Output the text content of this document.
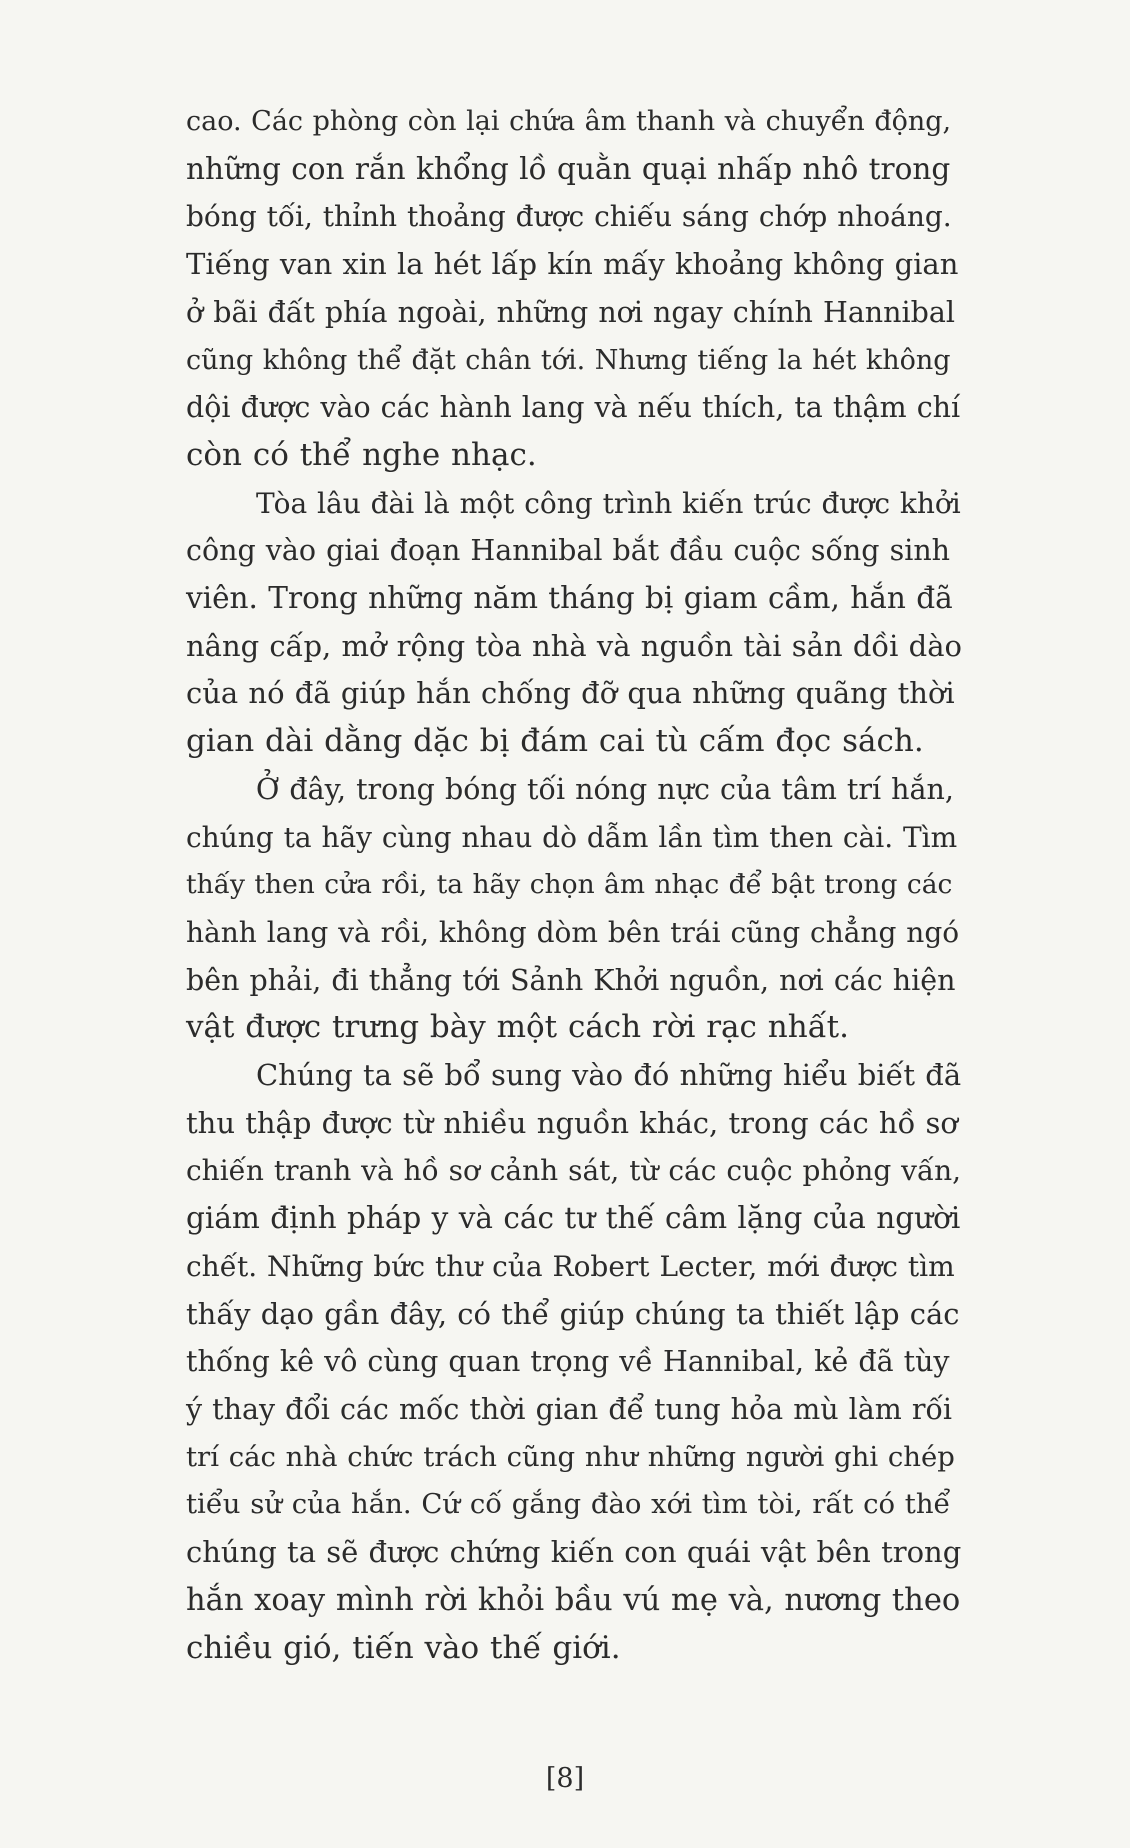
cao. Các phòng còn lại chứa âm thanh và chuyển động,
những con rắn khổng lồ quằn quại nhấp nhô trong
bóng tối, thỉnh thoảng được chiếu sáng chớp nhoáng.
Tiếng van xin la hét lấp kín mấy khoảng không gian
ở bãi đất phía ngoài, những nơi ngay chính Hannibal
cũng không thể đặt chân tới. Nhưng tiếng la hét không
dội được vào các hành lang và nếu thích, ta thậm chí
còn có thể nghe nhạc.
Tòa lâu đài là một công trình kiến trúc được khởi
công vào giai đoạn Hannibal bắt đầu cuộc sống sinh
viên. Trong những năm tháng bị giam cầm, hắn đã
nâng cấp, mở rộng tòa nhà và nguồn tài sản dồi dào
của nó đã giúp hắn chống đỡ qua những quãng thời
gian dài dằng dặc bị đám cai tù cấm đọc sách.
Ở đây, trong bóng tối nóng nực của tâm trí hắn,
chúng ta hãy cùng nhau dò dẫm lần tìm then cài. Tìm
thấy then cửa rồi, ta hãy chọn âm nhạc để bật trong các
hành lang và rồi, không dòm bên trái cũng chẳng ngó
bên phải, đi thẳng tới Sảnh Khởi nguồn, nơi các hiện
vật được trưng bày một cách rời rạc nhất.
Chúng ta sẽ bổ sung vào đó những hiểu biết đã
thu thập được từ nhiều nguồn khác, trong các hồ sơ
chiến tranh và hồ sơ cảnh sát, từ các cuộc phỏng vấn,
giám định pháp y và các tư thế câm lặng của người
chết. Những bức thư của Robert Lecter, mới được tìm
thấy dạo gần đây, có thể giúp chúng ta thiết lập các
thống kê vô cùng quan trọng về Hannibal, kẻ đã tùy
ý thay đổi các mốc thời gian để tung hỏa mù làm rối
trí các nhà chức trách cũng như những người ghi chép
tiểu sử của hắn. Cứ cố gắng đào xới tìm tòi, rất có thể
chúng ta sẽ được chứng kiến con quái vật bên trong
hắn xoay mình rời khỏi bầu vú mẹ và, nương theo
chiều gió, tiến vào thế giới.
[8]
